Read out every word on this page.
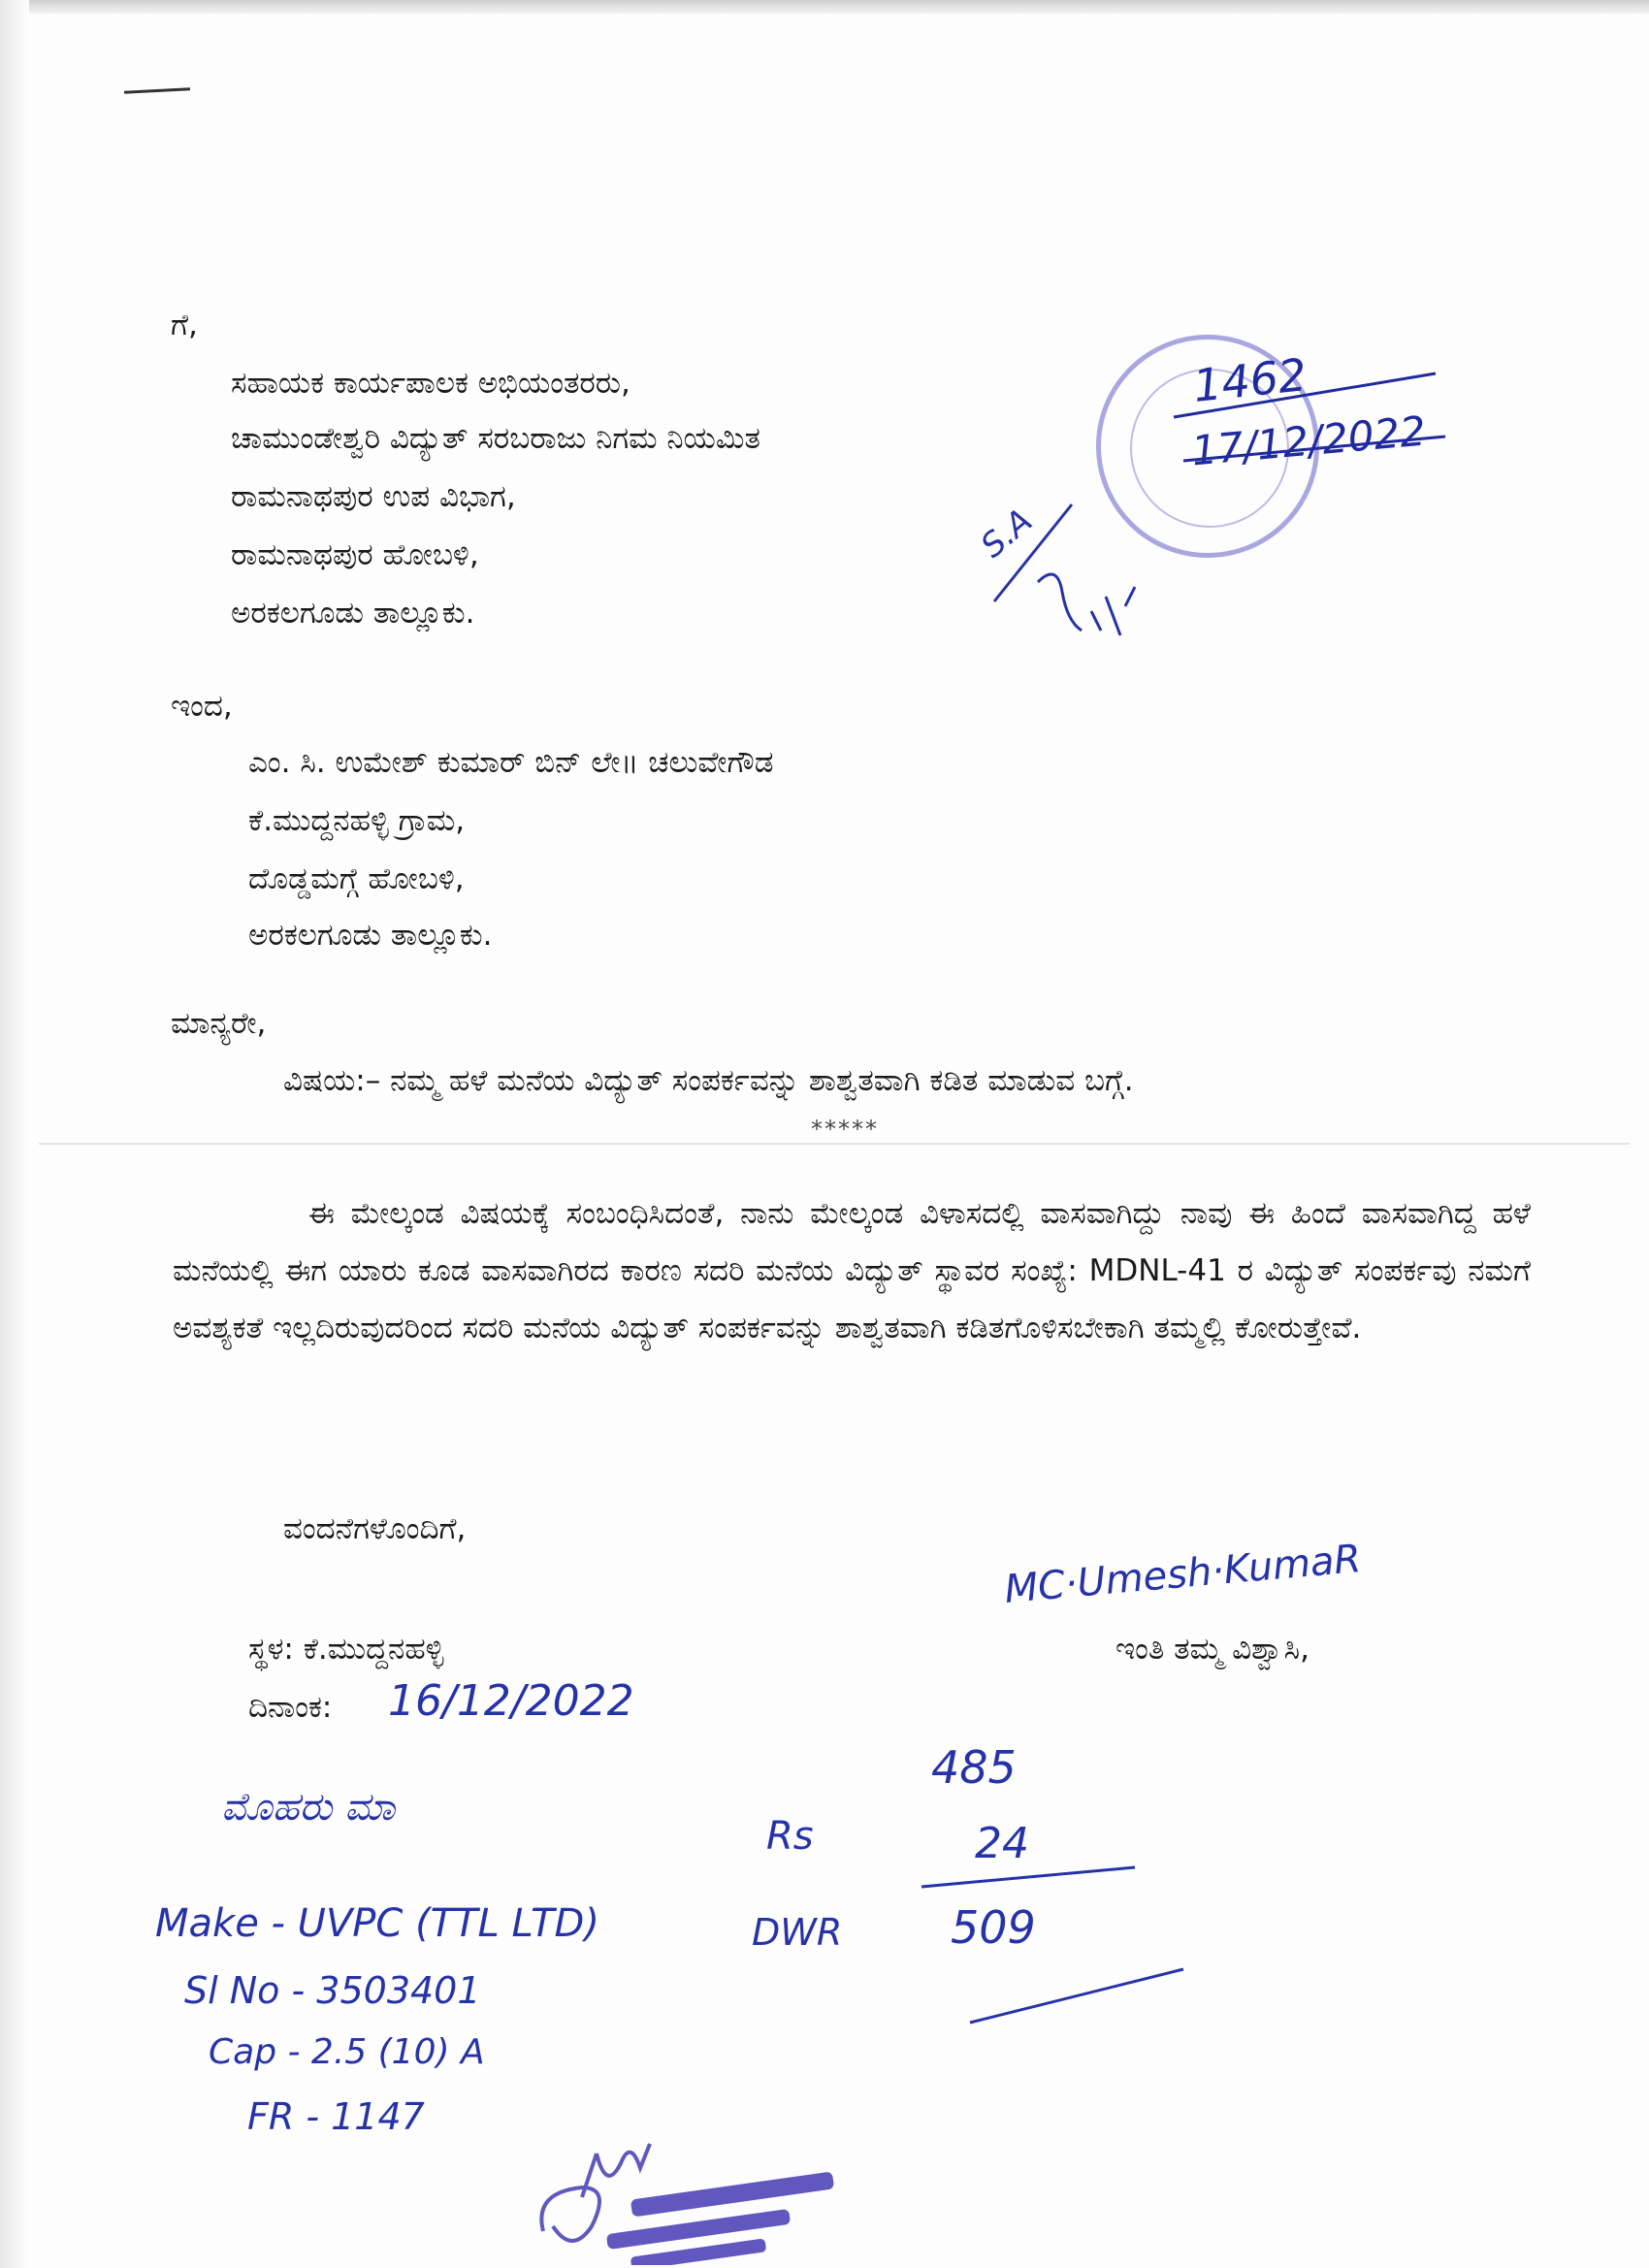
ಗೆ,
ಸಹಾಯಕ ಕಾರ್ಯಪಾಲಕ ಅಭಿಯಂತರರು,
ಚಾಮುಂಡೇಶ್ವರಿ ವಿದ್ಯುತ್ ಸರಬರಾಜು ನಿಗಮ ನಿಯಮಿತ
ರಾಮನಾಥಪುರ ಉಪ ವಿಭಾಗ,
ರಾಮನಾಥಪುರ ಹೋಬಳಿ,
ಅರಕಲಗೂಡು ತಾಲ್ಲೂಕು.
ಇಂದ,
ಎಂ. ಸಿ. ಉಮೇಶ್ ಕುಮಾರ್ ಬಿನ್ ಲೇ॥ ಚಲುವೇಗೌಡ
ಕೆ.ಮುದ್ದನಹಳ್ಳಿ ಗ್ರಾಮ,
ದೊಡ್ಡಮಗ್ಗೆ ಹೋಬಳಿ,
ಅರಕಲಗೂಡು ತಾಲ್ಲೂಕು.
ಮಾನ್ಯರೇ,
ವಿಷಯ:– ನಮ್ಮ ಹಳೆ ಮನೆಯ ವಿದ್ಯುತ್ ಸಂಪರ್ಕವನ್ನು ಶಾಶ್ವತವಾಗಿ ಕಡಿತ ಮಾಡುವ ಬಗ್ಗೆ.
*****
ಈ ಮೇಲ್ಕಂಡ ವಿಷಯಕ್ಕೆ ಸಂಬಂಧಿಸಿದಂತೆ, ನಾನು ಮೇಲ್ಕಂಡ ವಿಳಾಸದಲ್ಲಿ ವಾಸವಾಗಿದ್ದು ನಾವು ಈ ಹಿಂದೆ ವಾಸವಾಗಿದ್ದ ಹಳೆ ಮನೆಯಲ್ಲಿ ಈಗ ಯಾರು ಕೂಡ ವಾಸವಾಗಿರದ ಕಾರಣ ಸದರಿ ಮನೆಯ ವಿದ್ಯುತ್ ಸ್ಥಾವರ ಸಂಖ್ಯೆ: MDNL-41 ರ ವಿದ್ಯುತ್ ಸಂಪರ್ಕವು ನಮಗೆ ಅವಶ್ಯಕತೆ ಇಲ್ಲದಿರುವುದರಿಂದ ಸದರಿ ಮನೆಯ ವಿದ್ಯುತ್ ಸಂಪರ್ಕವನ್ನು ಶಾಶ್ವತವಾಗಿ ಕಡಿತಗೊಳಿಸಬೇಕಾಗಿ ತಮ್ಮಲ್ಲಿ ಕೋರುತ್ತೇವೆ.
ವಂದನೆಗಳೊಂದಿಗೆ,
ಸ್ಥಳ: ಕೆ.ಮುದ್ದನಹಳ್ಳಿ
ದಿನಾಂಕ:
ಇಂತಿ ತಮ್ಮ ವಿಶ್ವಾಸಿ,
16/12/2022
MC·Umesh·KumaR
1462
17/12/2022
S.A
ಮೊಹರು ಮಾ
Make - UVPC (TTL LTD)
Sl No - 3503401
Cap - 2.5 (10) A
FR - 1147
Rs
DWR
485
24
509
